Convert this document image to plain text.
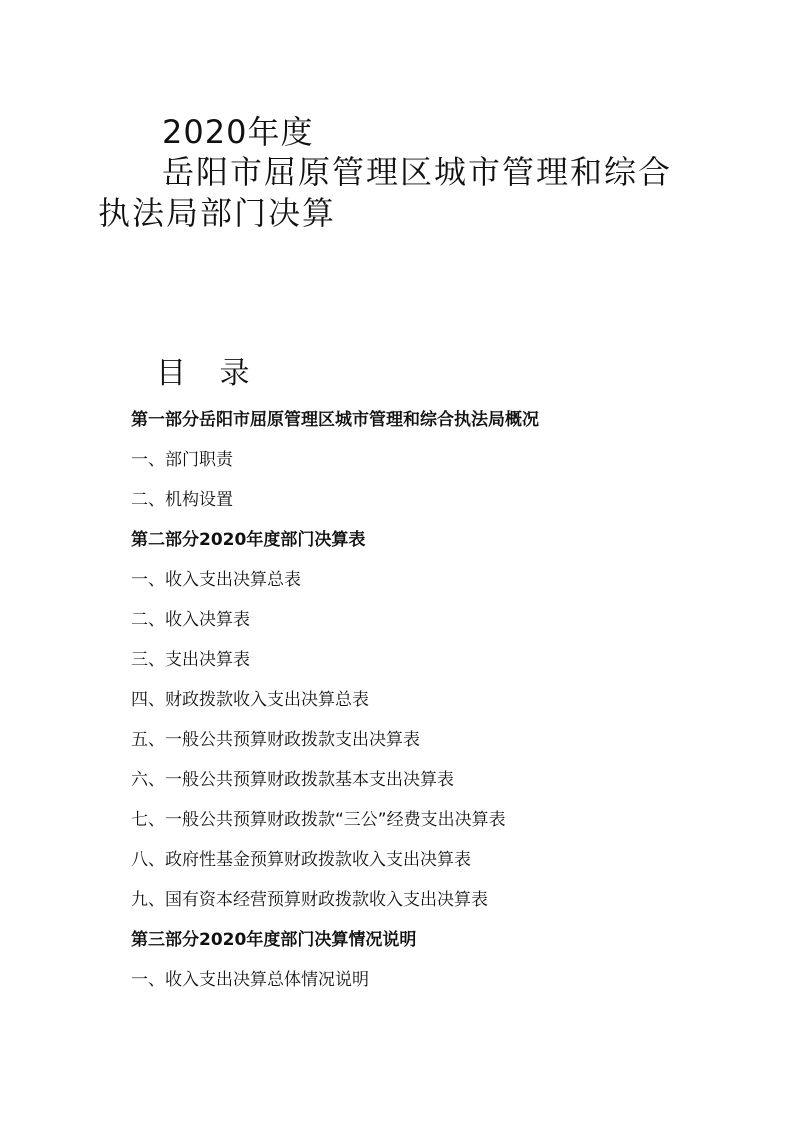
2020年度
岳阳市屈原管理区城市管理和综合
执法局部门决算
目 录
第一部分岳阳市屈原管理区城市管理和综合执法局概况
一、部门职责
二、机构设置
第二部分2020年度部门决算表
一、收入支出决算总表
二、收入决算表
三、支出决算表
四、财政拨款收入支出决算总表
五、一般公共预算财政拨款支出决算表
六、一般公共预算财政拨款基本支出决算表
七、一般公共预算财政拨款“三公”经费支出决算表
八、政府性基金预算财政拨款收入支出决算表
九、国有资本经营预算财政拨款收入支出决算表
第三部分2020年度部门决算情况说明
一、收入支出决算总体情况说明
